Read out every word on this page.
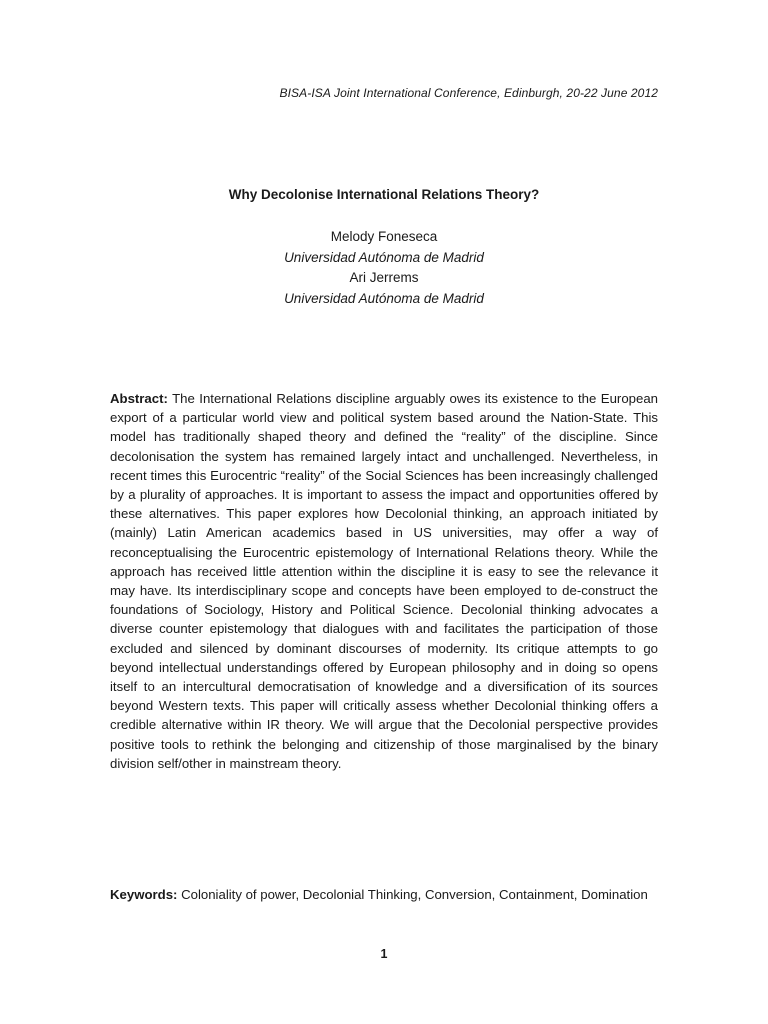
BISA-ISA Joint International Conference, Edinburgh, 20-22 June 2012
Why Decolonise International Relations Theory?
Melody Foneseca
Universidad Autónoma de Madrid
Ari Jerrems
Universidad Autónoma de Madrid
Abstract: The International Relations discipline arguably owes its existence to the European export of a particular world view and political system based around the Nation-State. This model has traditionally shaped theory and defined the “reality” of the discipline. Since decolonisation the system has remained largely intact and unchallenged. Nevertheless, in recent times this Eurocentric “reality” of the Social Sciences has been increasingly challenged by a plurality of approaches. It is important to assess the impact and opportunities offered by these alternatives. This paper explores how Decolonial thinking, an approach initiated by (mainly) Latin American academics based in US universities, may offer a way of reconceptualising the Eurocentric epistemology of International Relations theory. While the approach has received little attention within the discipline it is easy to see the relevance it may have. Its interdisciplinary scope and concepts have been employed to de-construct the foundations of Sociology, History and Political Science. Decolonial thinking advocates a diverse counter epistemology that dialogues with and facilitates the participation of those excluded and silenced by dominant discourses of modernity. Its critique attempts to go beyond intellectual understandings offered by European philosophy and in doing so opens itself to an intercultural democratisation of knowledge and a diversification of its sources beyond Western texts. This paper will critically assess whether Decolonial thinking offers a credible alternative within IR theory. We will argue that the Decolonial perspective provides positive tools to rethink the belonging and citizenship of those marginalised by the binary division self/other in mainstream theory.
Keywords: Coloniality of power, Decolonial Thinking, Conversion, Containment, Domination
1
